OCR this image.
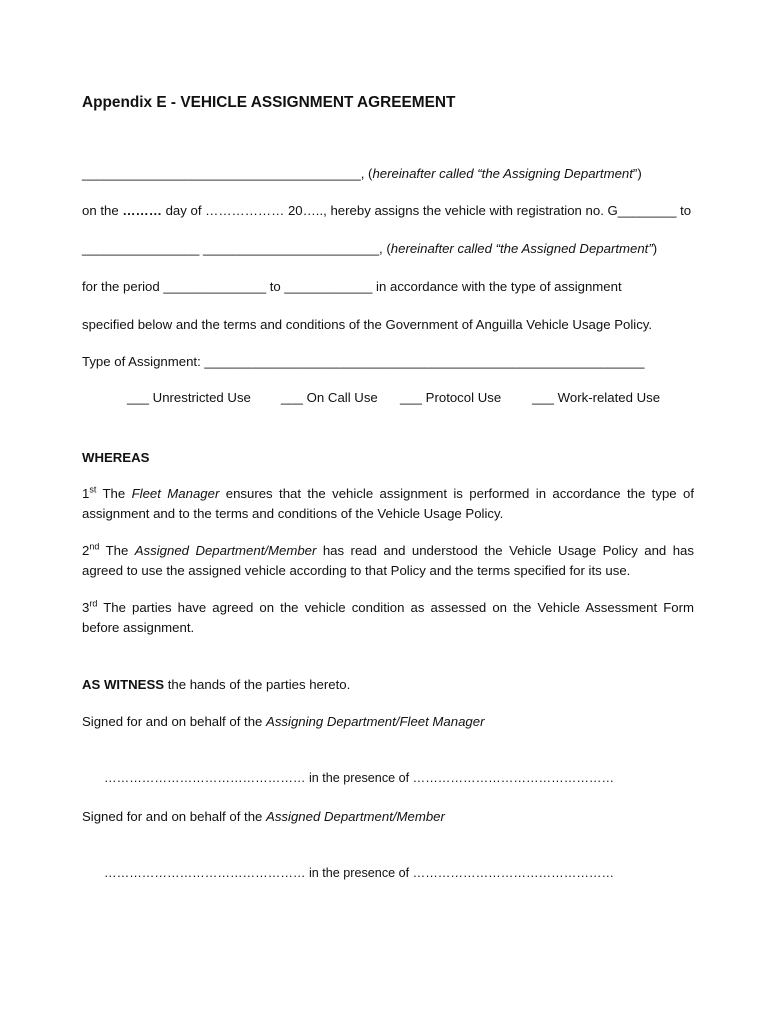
Appendix E - VEHICLE ASSIGNMENT AGREEMENT
______________________________________, (hereinafter called “the Assigning Department”)
on the ……… day of ……………… 20….., hereby assigns the vehicle with registration no. G________ to
________________ ________________________, (hereinafter called “the Assigned Department”)
for the period ______________ to ____________ in accordance with the type of assignment
specified below and the terms and conditions of the Government of Anguilla Vehicle Usage Policy.
Type of Assignment: ____________________________________________________________
___ Unrestricted Use ___ On Call Use ___ Protocol Use ___ Work-related Use
WHEREAS
1st The Fleet Manager ensures that the vehicle assignment is performed in accordance the type of assignment and to the terms and conditions of the Vehicle Usage Policy.
2nd The Assigned Department/Member has read and understood the Vehicle Usage Policy and has agreed to use the assigned vehicle according to that Policy and the terms specified for its use.
3rd The parties have agreed on the vehicle condition as assessed on the Vehicle Assessment Form before assignment.
AS WITNESS the hands of the parties hereto.
Signed for and on behalf of the Assigning Department/Fleet Manager
………………………………………… in the presence of …………………………………………
Signed for and on behalf of the Assigned Department/Member
………………………………………… in the presence of …………………………………………
